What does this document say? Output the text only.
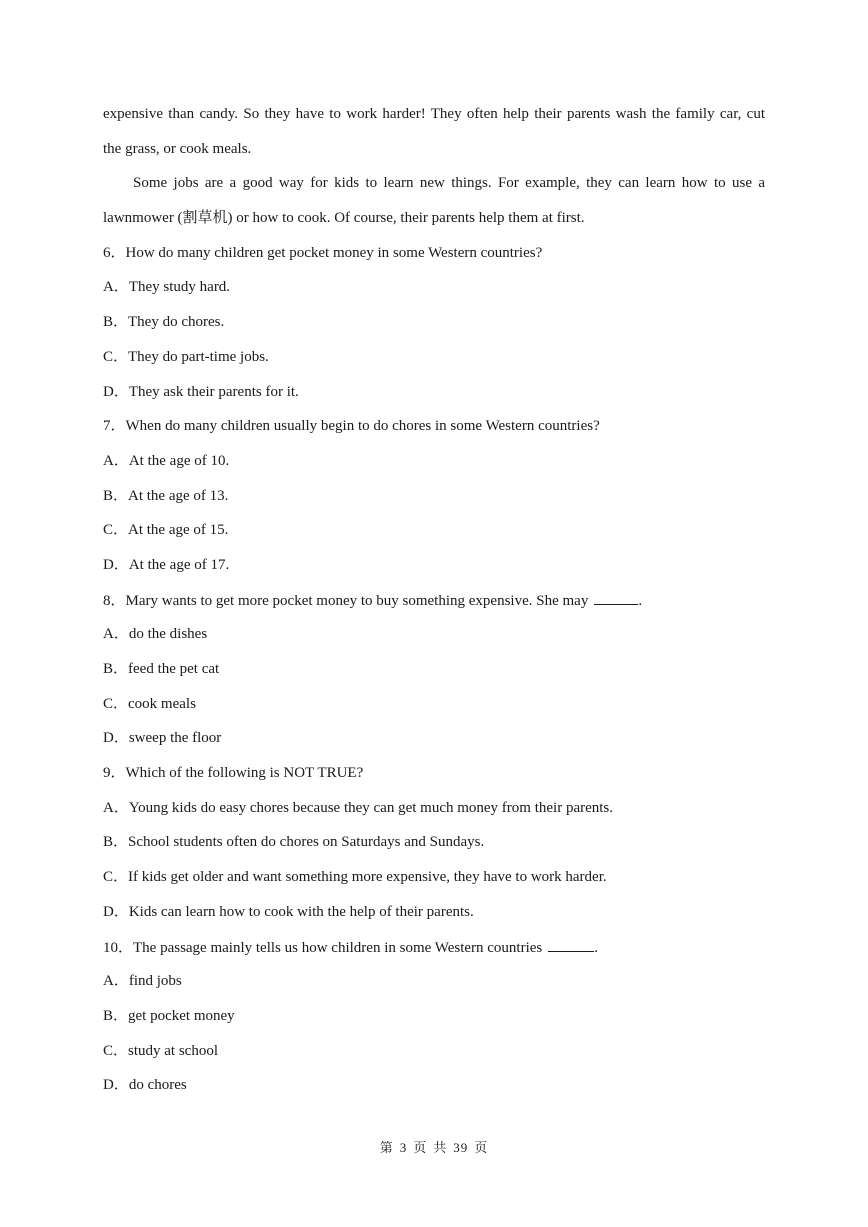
expensive than candy. So they have to work harder! They often help their parents wash the family car, cut
the grass, or cook meals.
Some jobs are a good way for kids to learn new things. For example, they can learn how to use a
lawnmower (割草机) or how to cook. Of course, their parents help them at first.
6．How do many children get pocket money in some Western countries?
A．They study hard.
B．They do chores.
C．They do part-time jobs.
D．They ask their parents for it.
7．When do many children usually begin to do chores in some Western countries?
A．At the age of 10.
B．At the age of 13.
C．At the age of 15.
D．At the age of 17.
8．Mary wants to get more pocket money to buy something expensive. She may	.
A．do the dishes
B．feed the pet cat
C．cook meals
D．sweep the floor
9．Which of the following is NOT TRUE?
A．Young kids do easy chores because they can get much money from their parents.
B．School students often do chores on Saturdays and Sundays.
C．If kids get older and want something more expensive, they have to work harder.
D．Kids can learn how to cook with the help of their parents.
10．The passage mainly tells us how children in some Western countries	.
A．find jobs
B．get pocket money
C．study at school
D．do chores
第 3 页 共 39 页
